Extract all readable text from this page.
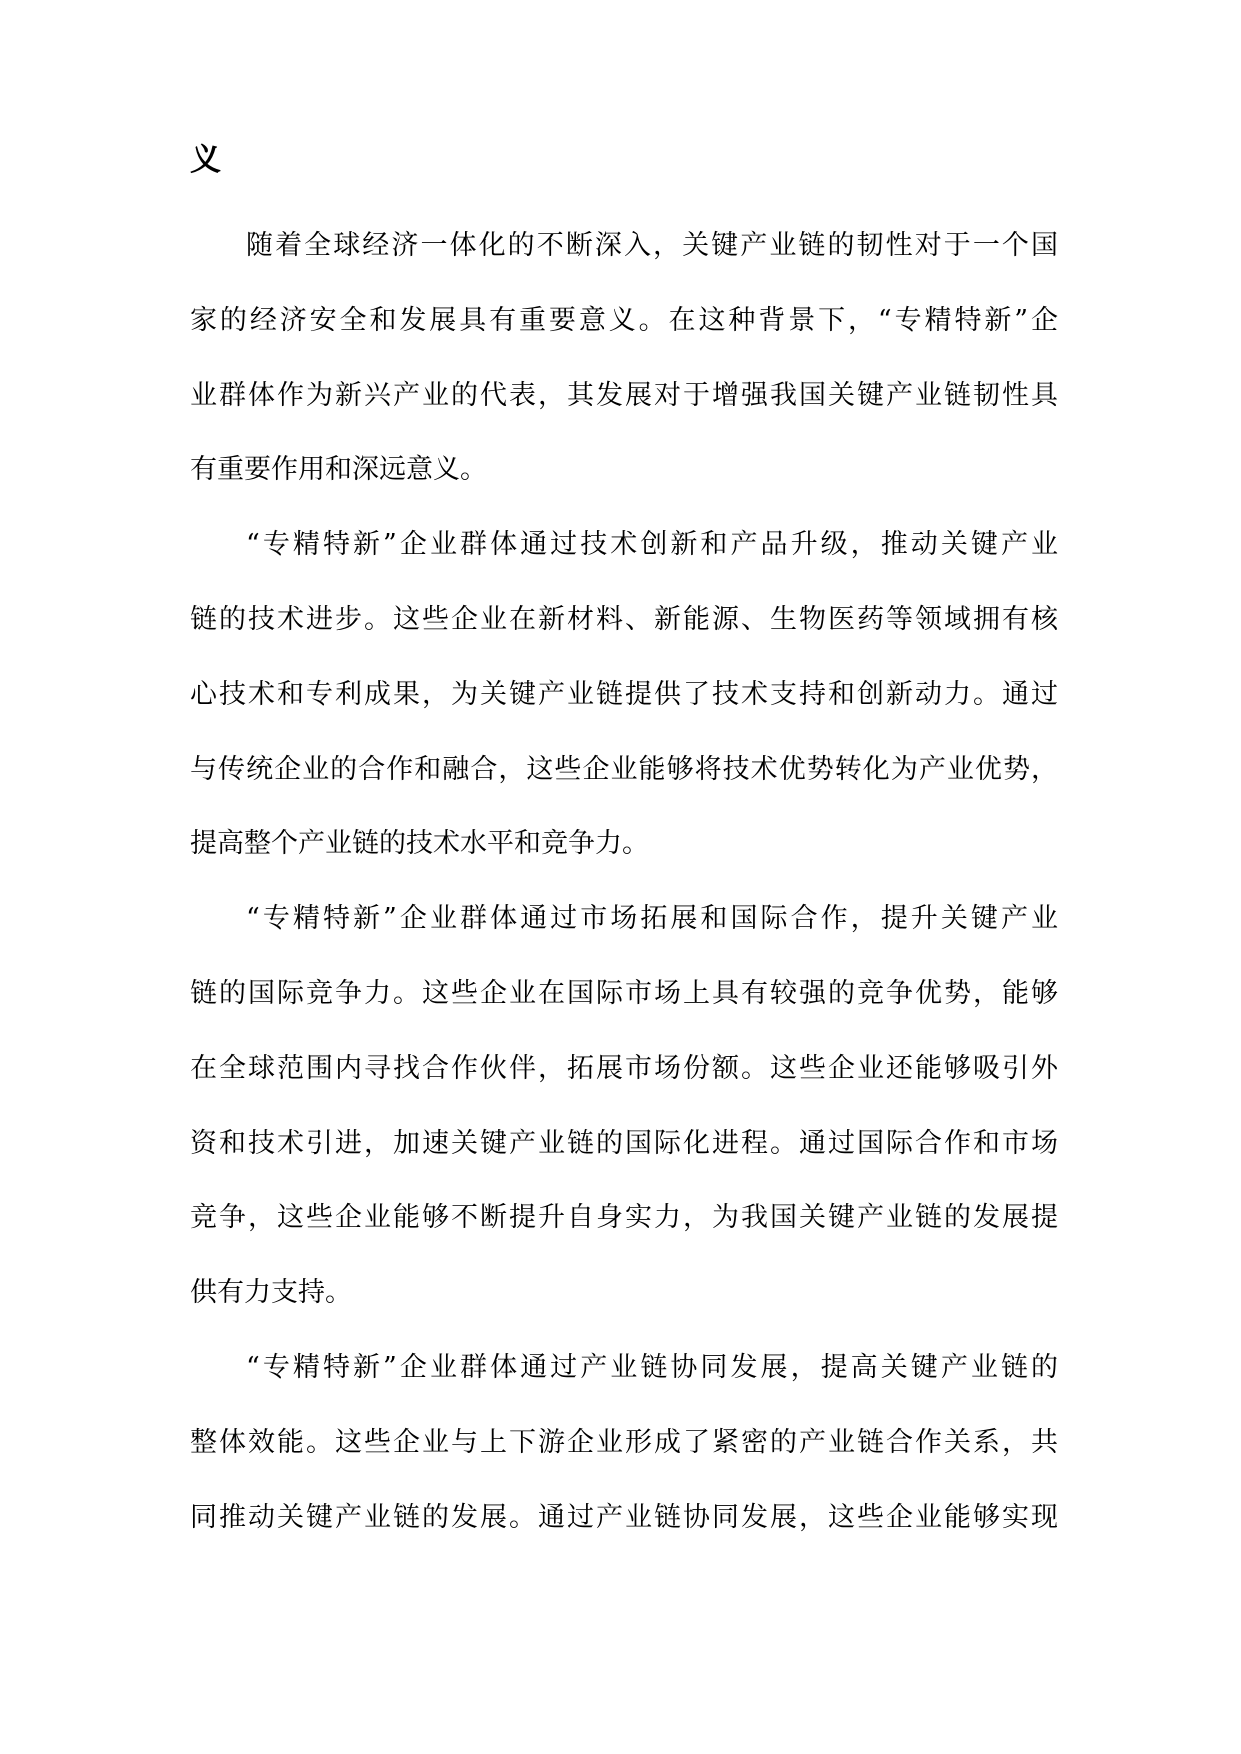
义
随着全球经济一体化的不断深入，关键产业链的韧性对于一个国
家的经济安全和发展具有重要意义。在这种背景下，“专精特新”企
业群体作为新兴产业的代表，其发展对于增强我国关键产业链韧性具
有重要作用和深远意义。
“专精特新”企业群体通过技术创新和产品升级，推动关键产业
链的技术进步。这些企业在新材料、新能源、生物医药等领域拥有核
心技术和专利成果，为关键产业链提供了技术支持和创新动力。通过
与传统企业的合作和融合，这些企业能够将技术优势转化为产业优势，
提高整个产业链的技术水平和竞争力。
“专精特新”企业群体通过市场拓展和国际合作，提升关键产业
链的国际竞争力。这些企业在国际市场上具有较强的竞争优势，能够
在全球范围内寻找合作伙伴，拓展市场份额。这些企业还能够吸引外
资和技术引进，加速关键产业链的国际化进程。通过国际合作和市场
竞争，这些企业能够不断提升自身实力，为我国关键产业链的发展提
供有力支持。
“专精特新”企业群体通过产业链协同发展，提高关键产业链的
整体效能。这些企业与上下游企业形成了紧密的产业链合作关系，共
同推动关键产业链的发展。通过产业链协同发展，这些企业能够实现
